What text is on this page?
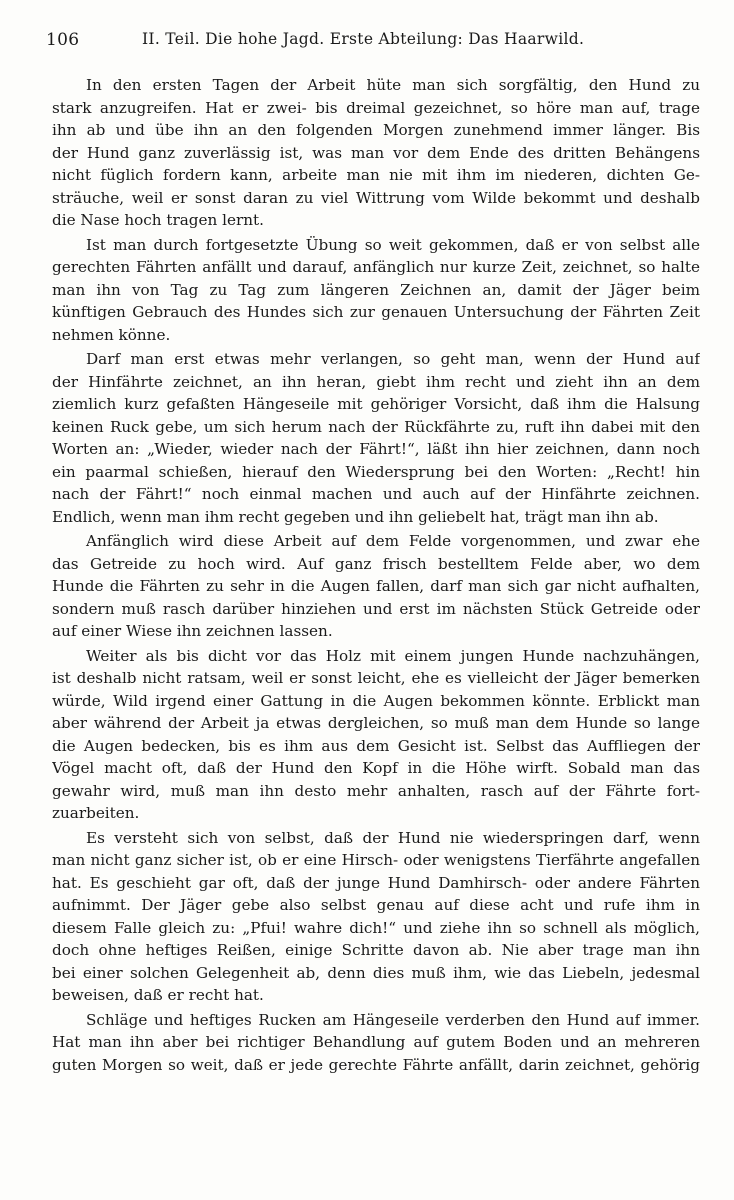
106	II. Teil. Die hohe Jagd. Erste Abteilung: Das Haarwild.
In den ersten Tagen der Arbeit hüte man sich sorgfältig, den Hund zu
stark anzugreifen. Hat er zwei- bis dreimal gezeichnet, so höre man auf, trage
ihn ab und übe ihn an den folgenden Morgen zunehmend immer länger. Bis
der Hund ganz zuverlässig ist, was man vor dem Ende des dritten Behängens
nicht füglich fordern kann, arbeite man nie mit ihm im niederen, dichten Ge-
sträuche, weil er sonst daran zu viel Wittrung vom Wilde bekommt und deshalb
die Nase hoch tragen lernt.
Ist man durch fortgesetzte Übung so weit gekommen, daß er von selbst alle
gerechten Fährten anfällt und darauf, anfänglich nur kurze Zeit, zeichnet, so halte
man ihn von Tag zu Tag zum längeren Zeichnen an, damit der Jäger beim
künftigen Gebrauch des Hundes sich zur genauen Untersuchung der Fährten Zeit
nehmen könne.
Darf man erst etwas mehr verlangen, so geht man, wenn der Hund auf
der Hinfährte zeichnet, an ihn heran, giebt ihm recht und zieht ihn an dem
ziemlich kurz gefaßten Hängeseile mit gehöriger Vorsicht, daß ihm die Halsung
keinen Ruck gebe, um sich herum nach der Rückfährte zu, ruft ihn dabei mit den
Worten an: „Wieder, wieder nach der Fährt!“, läßt ihn hier zeichnen, dann noch
ein paarmal schießen, hierauf den Wiedersprung bei den Worten: „Recht! hin
nach der Fährt!“ noch einmal machen und auch auf der Hinfährte zeichnen.
Endlich, wenn man ihm recht gegeben und ihn geliebelt hat, trägt man ihn ab.
Anfänglich wird diese Arbeit auf dem Felde vorgenommen, und zwar ehe
das Getreide zu hoch wird. Auf ganz frisch bestelltem Felde aber, wo dem
Hunde die Fährten zu sehr in die Augen fallen, darf man sich gar nicht aufhalten,
sondern muß rasch darüber hinziehen und erst im nächsten Stück Getreide oder
auf einer Wiese ihn zeichnen lassen.
Weiter als bis dicht vor das Holz mit einem jungen Hunde nachzuhängen,
ist deshalb nicht ratsam, weil er sonst leicht, ehe es vielleicht der Jäger bemerken
würde, Wild irgend einer Gattung in die Augen bekommen könnte. Erblickt man
aber während der Arbeit ja etwas dergleichen, so muß man dem Hunde so lange
die Augen bedecken, bis es ihm aus dem Gesicht ist. Selbst das Auffliegen der
Vögel macht oft, daß der Hund den Kopf in die Höhe wirft. Sobald man das
gewahr wird, muß man ihn desto mehr anhalten, rasch auf der Fährte fort-
zuarbeiten.
Es versteht sich von selbst, daß der Hund nie wiederspringen darf, wenn
man nicht ganz sicher ist, ob er eine Hirsch- oder wenigstens Tierfährte angefallen
hat. Es geschieht gar oft, daß der junge Hund Damhirsch- oder andere Fährten
aufnimmt. Der Jäger gebe also selbst genau auf diese acht und rufe ihm in
diesem Falle gleich zu: „Pfui! wahre dich!“ und ziehe ihn so schnell als möglich,
doch ohne heftiges Reißen, einige Schritte davon ab. Nie aber trage man ihn
bei einer solchen Gelegenheit ab, denn dies muß ihm, wie das Liebeln, jedesmal
beweisen, daß er recht hat.
Schläge und heftiges Rucken am Hängeseile verderben den Hund auf immer.
Hat man ihn aber bei richtiger Behandlung auf gutem Boden und an mehreren
guten Morgen so weit, daß er jede gerechte Fährte anfällt, darin zeichnet, gehörig
